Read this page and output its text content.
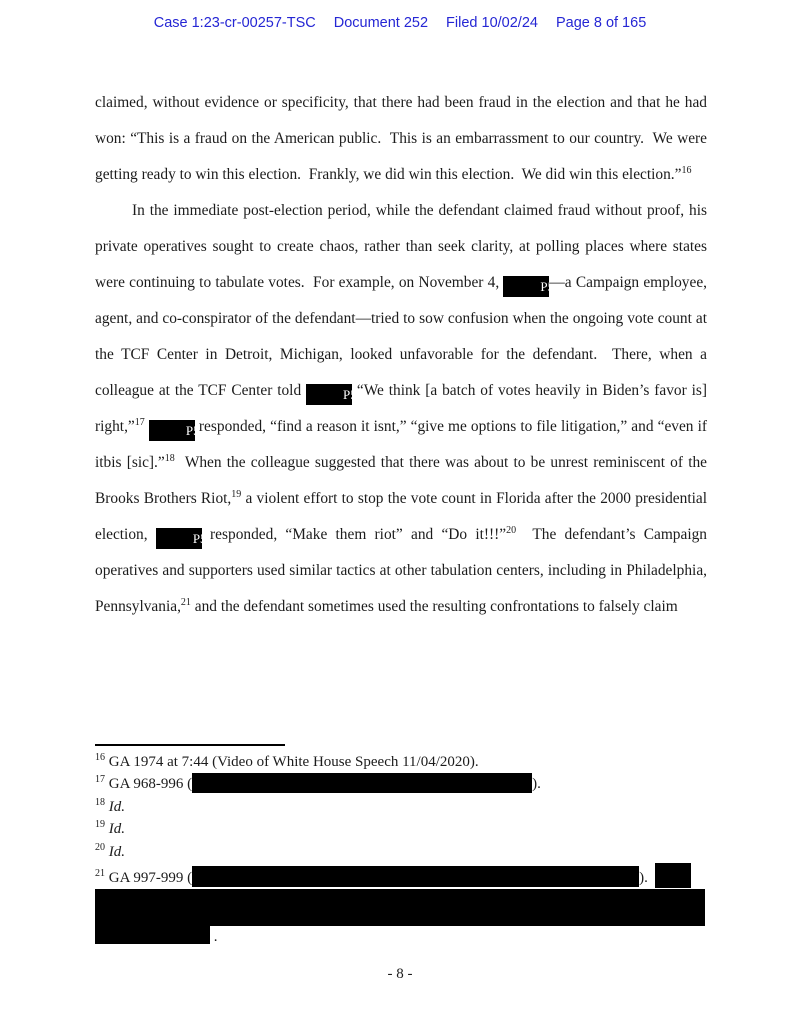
Case 1:23-cr-00257-TSC Document 252 Filed 10/02/24 Page 8 of 165

claimed, without evidence or specificity, that there had been fraud in the election and that he had won: “This is a fraud on the American public.  This is an embarrassment to our country.  We were getting ready to win this election.  Frankly, we did win this election.  We did win this election.”$^{16}$

In the immediate post-election period, while the defendant claimed fraud without proof, his private operatives sought to create chaos, rather than seek clarity, at polling places where states were continuing to tabulate votes.  For example, on November 4,	P5—a Campaign employee, agent, and co-conspirator of the defendant—tried to sow confusion when the ongoing vote count at the TCF Center in Detroit, Michigan, looked unfavorable for the defendant.  There, when a colleague at the TCF Center told	P5 “We think [a batch of votes heavily in Biden’s favor is] right,”$^{17}$ P5 responded, “find a reason it isnt,” “give me options to file litigation,” and “even if itbis [sic].”$^{18}$  When the colleague suggested that there was about to be unrest reminiscent of the Brooks Brothers Riot,$^{19}$ a violent effort to stop the vote count in Florida after the 2000 presidential election,	P5 responded, “Make them riot” and “Do it!!!”$^{20}$  The defendant’s Campaign operatives and supporters used similar tactics at other tabulation centers, including in Philadelphia, Pennsylvania,$^{21}$ and the defendant sometimes used the resulting confrontations to falsely claim

$^{16}$ GA 1974 at 7:44 (Video of White House Speech 11/04/2020).
$^{17}$ GA 968-996 (	).
$^{18}$ Id.
$^{19}$ Id.
$^{20}$ Id.
$^{21}$ GA 997-999 (	).
.
- 8 -
